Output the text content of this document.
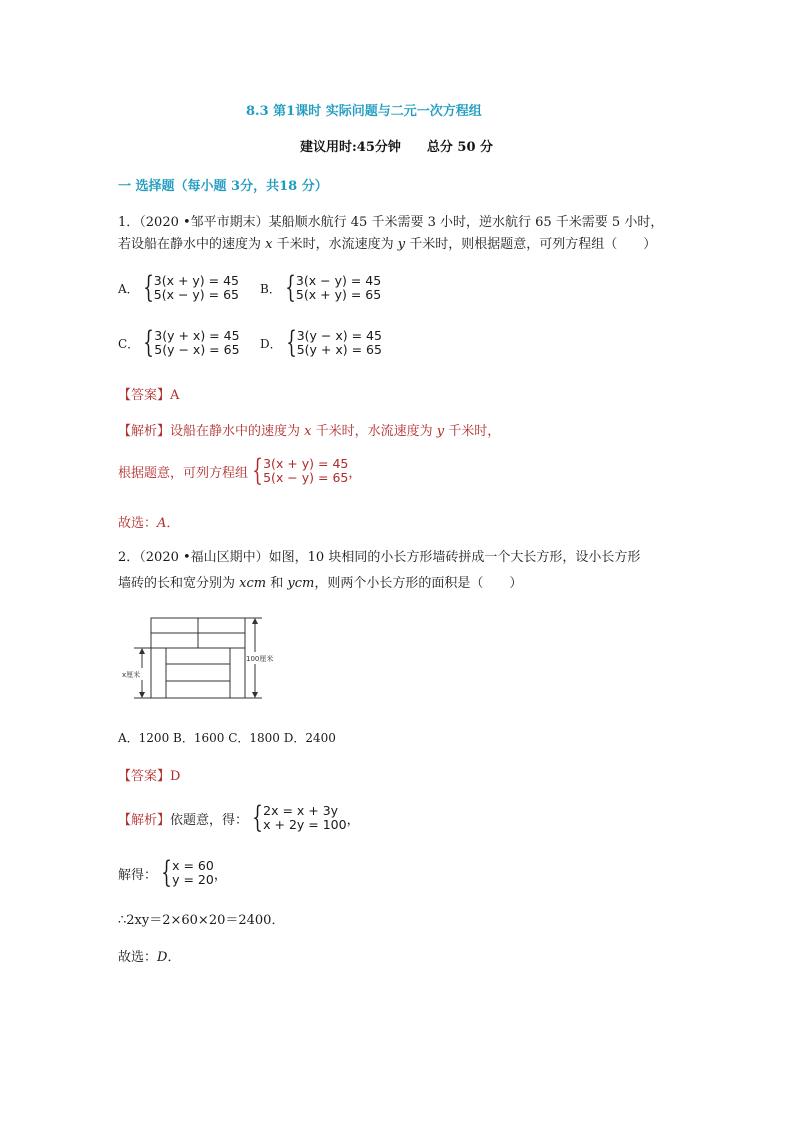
8.3 第1课时 实际问题与二元一次方程组
建议用时:45分钟 总分 50 分
一 选择题（每小题 3分，共18 分）
1．（2020 •邹平市期末）某船顺水航行 45 千米需要 3 小时，逆水航行 65 千米需要 5 小时，
若设船在静水中的速度为 x 千米时，水流速度为 y 千米时，则根据题意，可列方程组（　　）
A． { 3(x + y) = 45
5(x − y) = 65 B． { 3(x − y) = 45
5(x + y) = 65
C． { 3(y + x) = 45
5(y − x) = 65 D． { 3(y − x) = 45
5(y + x) = 65
【答案】A
【解析】设船在静水中的速度为 x 千米时，水流速度为 y 千米时，
根据题意，可列方程组 { 3(x + y) = 45
5(x − y) = 65 ，
故选：A．
2．（2020 •福山区期中）如图，10 块相同的小长方形墙砖拼成一个大长方形，设小长方形
墙砖的长和宽分别为 xcm 和 ycm，则两个小长方形的面积是（　　）
x厘米
100厘米
A．1200 B．1600 C．1800 D．2400
【答案】D
【解析】 依题意，得： { 2x = x + 3y
x + 2y = 100 ，
解得： { x = 60
y = 20 ，
∴2xy＝2×60×20＝2400．
故选：D．
